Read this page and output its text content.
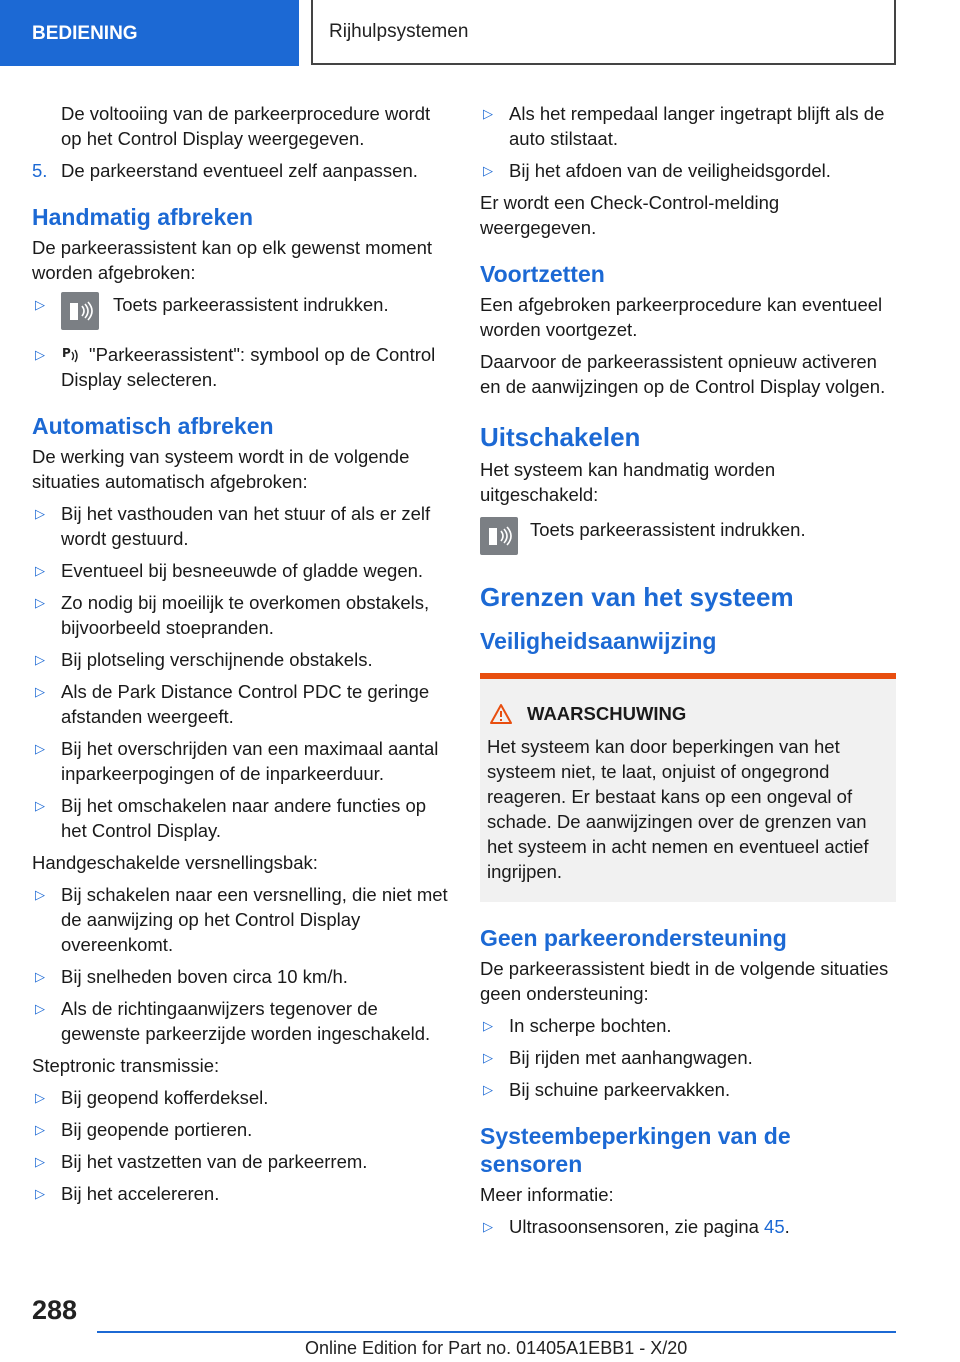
BEDIENING	Rijhulpsystemen

De voltooiing van de parkeerprocedure wordt op het Control Display weergegeven.

5. De parkeerstand eventueel zelf aanpassen.
Handmatig afbreken

De parkeerassistent kan op elk gewenst moment worden afgebroken:

▷	Toets parkeerassistent indrukken.
▷	P "Parkeerassistent": symbool op de Control Display selecteren.
Automatisch afbreken

De werking van systeem wordt in de volgende situaties automatisch afgebroken:

▷ Bij het vasthouden van het stuur of als er zelf wordt gestuurd.
▷ Eventueel bij besneeuwde of gladde wegen.
▷ Zo nodig bij moeilijk te overkomen obstakels, bijvoorbeeld stoepranden.
▷ Bij plotseling verschijnende obstakels.
▷ Als de Park Distance Control PDC te geringe afstanden weergeeft.
▷ Bij het overschrijden van een maximaal aantal inparkeerpogingen of de inparkeerduur.
▷ Bij het omschakelen naar andere functies op het Control Display.

Handgeschakelde versnellingsbak:

▷ Bij schakelen naar een versnelling, die niet met de aanwijzing op het Control Display overeenkomt.
▷ Bij snelheden boven circa 10 km/h.
▷ Als de richtingaanwijzers tegenover de gewenste parkeerzijde worden ingeschakeld.

Steptronic transmissie:

▷ Bij geopend kofferdeksel.
▷ Bij geopende portieren.
▷ Bij het vastzetten van de parkeerrem.
▷ Bij het accelereren.
▷ Als het rempedaal langer ingetrapt blijft als de auto stilstaat.
▷ Bij het afdoen van de veiligheidsgordel.

Er wordt een Check-Control-melding weergegeven.

Voortzetten

Een afgebroken parkeerprocedure kan eventueel worden voortgezet.

Daarvoor de parkeerassistent opnieuw activeren en de aanwijzingen op de Control Display volgen.

Uitschakelen

Het systeem kan handmatig worden uitgeschakeld:

Toets parkeerassistent indrukken.
Grenzen van het systeem
Veiligheidsaanwijzing
WAARSCHUWING
Het systeem kan door beperkingen van het systeem niet, te laat, onjuist of ongegrond reageren. Er bestaat kans op een ongeval of schade. De aanwijzingen over de grenzen van het systeem in acht nemen en eventueel actief ingrijpen.
Geen parkeerondersteuning

De parkeerassistent biedt in de volgende situaties geen ondersteuning:

▷ In scherpe bochten.
▷ Bij rijden met aanhangwagen.
▷ Bij schuine parkeervakken.
Systeembeperkingen van de sensoren

Meer informatie:

▷ Ultrasoonsensoren, zie pagina 45.
288
Online Edition for Part no. 01405A1EBB1 - X/20
